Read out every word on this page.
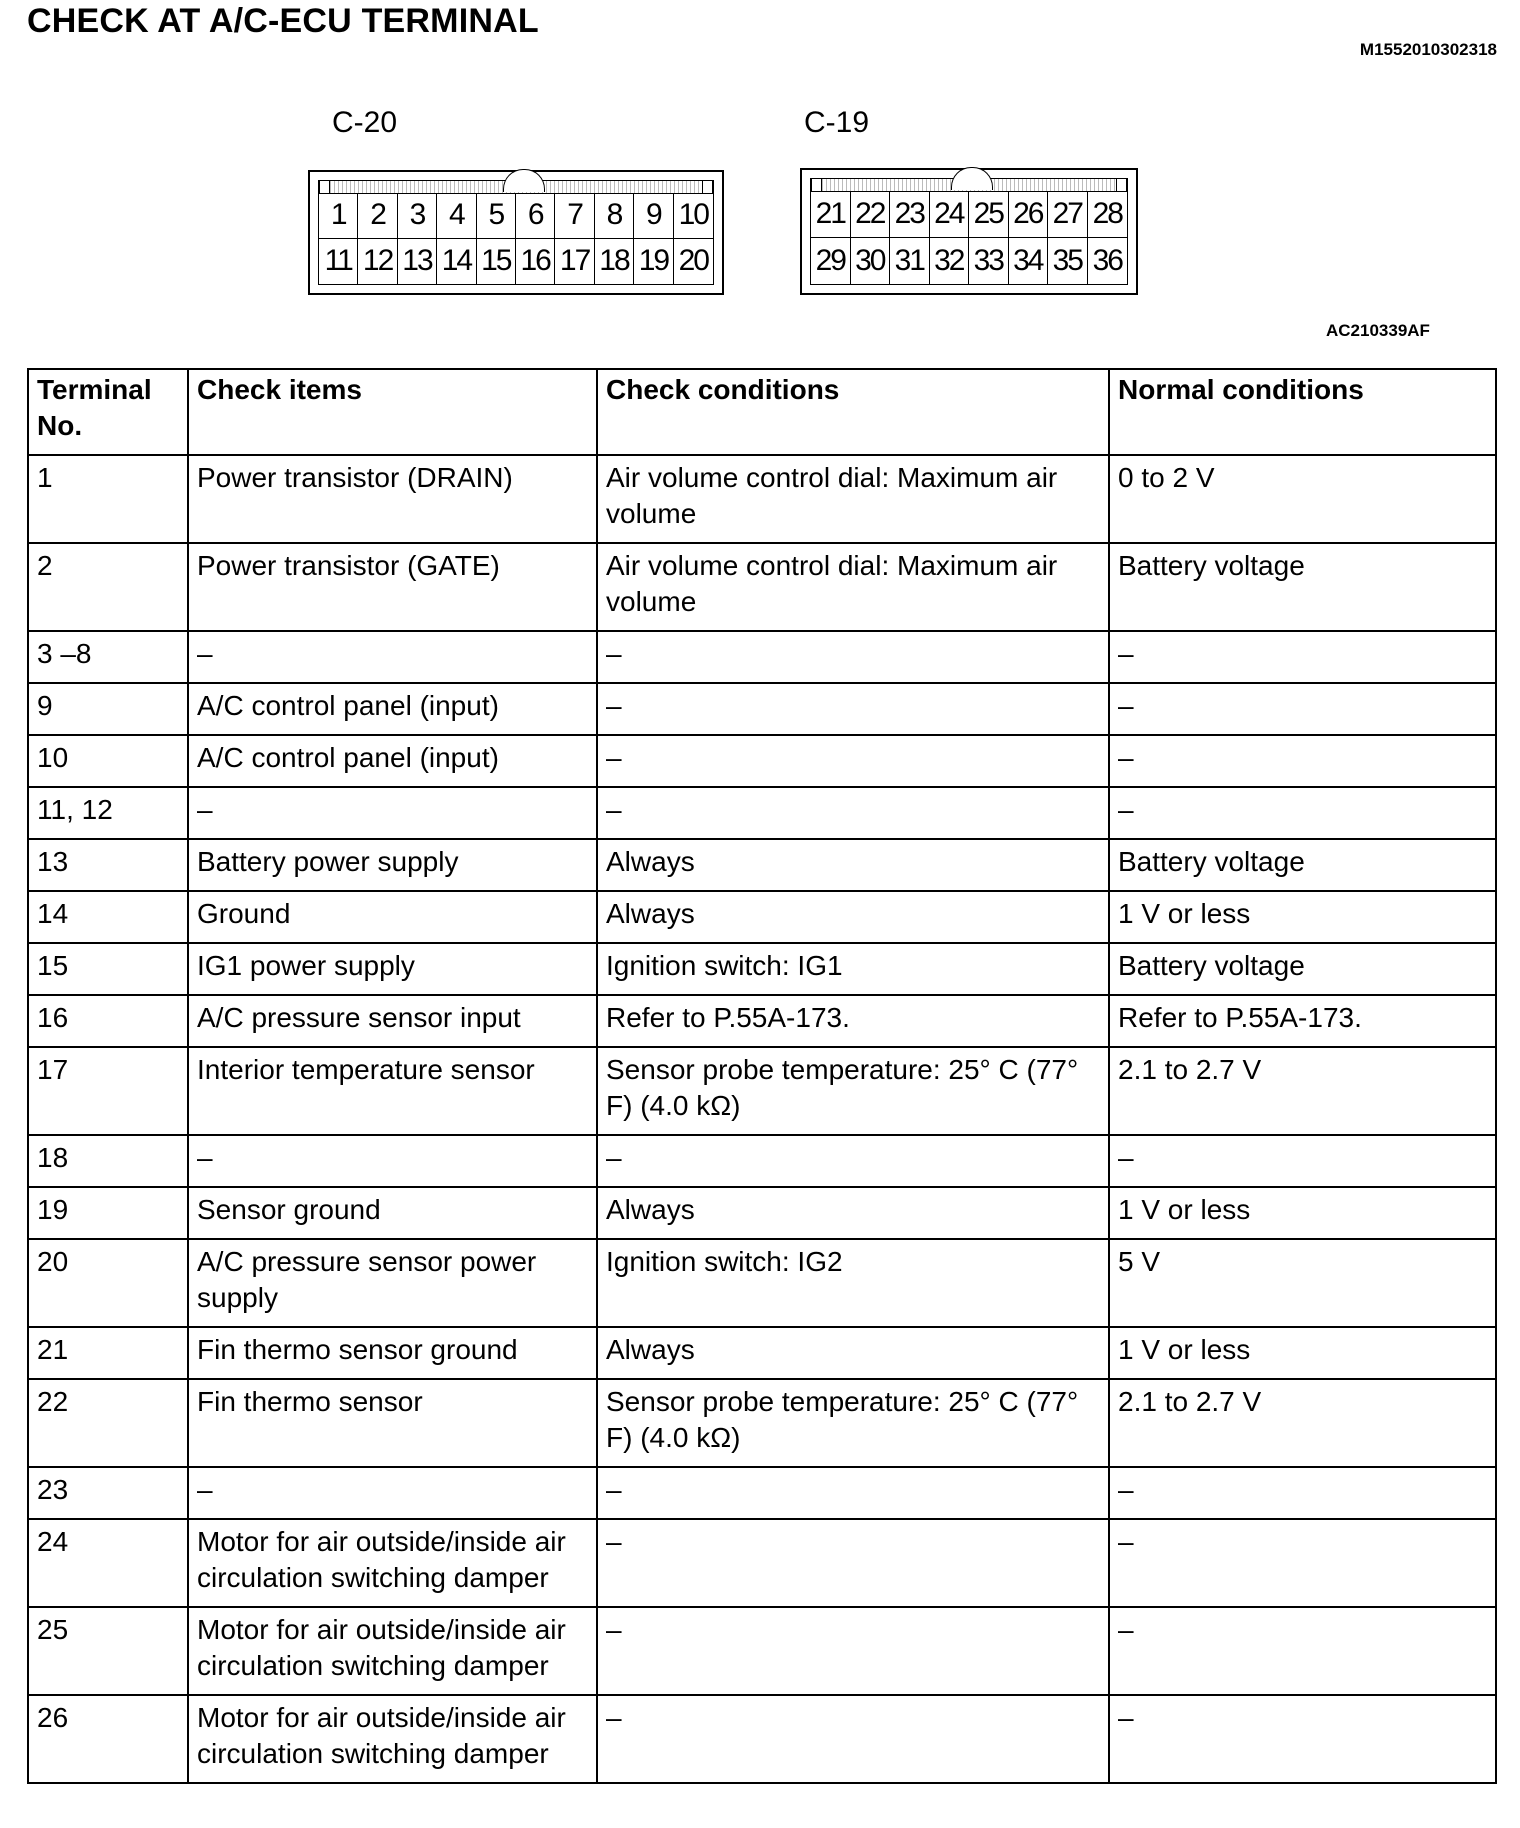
CHECK AT A/C-ECU TERMINAL
M1552010302318
C-20
1 2 3 4 5 6 7 8 9 10
11 12 13 14 15 16 17 18 19 20
C-19
21 22 23 24 25 26 27 28
29 30 31 32 33 34 35 36
AC210339AF
Terminal No.	Check items	Check conditions	Normal conditions
1	Power transistor (DRAIN)	Air volume control dial: Maximum air volume	0 to 2 V
2	Power transistor (GATE)	Air volume control dial: Maximum air volume	Battery voltage
3 –8	–	–	–
9	A/C control panel (input)	–	–
10	A/C control panel (input)	–	–
11, 12	–	–	–
13	Battery power supply	Always	Battery voltage
14	Ground	Always	1 V or less
15	IG1 power supply	Ignition switch: IG1	Battery voltage
16	A/C pressure sensor input	Refer to P.55A-173.	Refer to P.55A-173.
17	Interior temperature sensor	Sensor probe temperature: 25° C (77° F) (4.0 kΩ)	2.1 to 2.7 V
18	–	–	–
19	Sensor ground	Always	1 V or less
20	A/C pressure sensor power supply	Ignition switch: IG2	5 V
21	Fin thermo sensor ground	Always	1 V or less
22	Fin thermo sensor	Sensor probe temperature: 25° C (77° F) (4.0 kΩ)	2.1 to 2.7 V
23	–	–	–
24	Motor for air outside/inside air circulation switching damper	–	–
25	Motor for air outside/inside air circulation switching damper	–	–
26	Motor for air outside/inside air circulation switching damper	–	–
